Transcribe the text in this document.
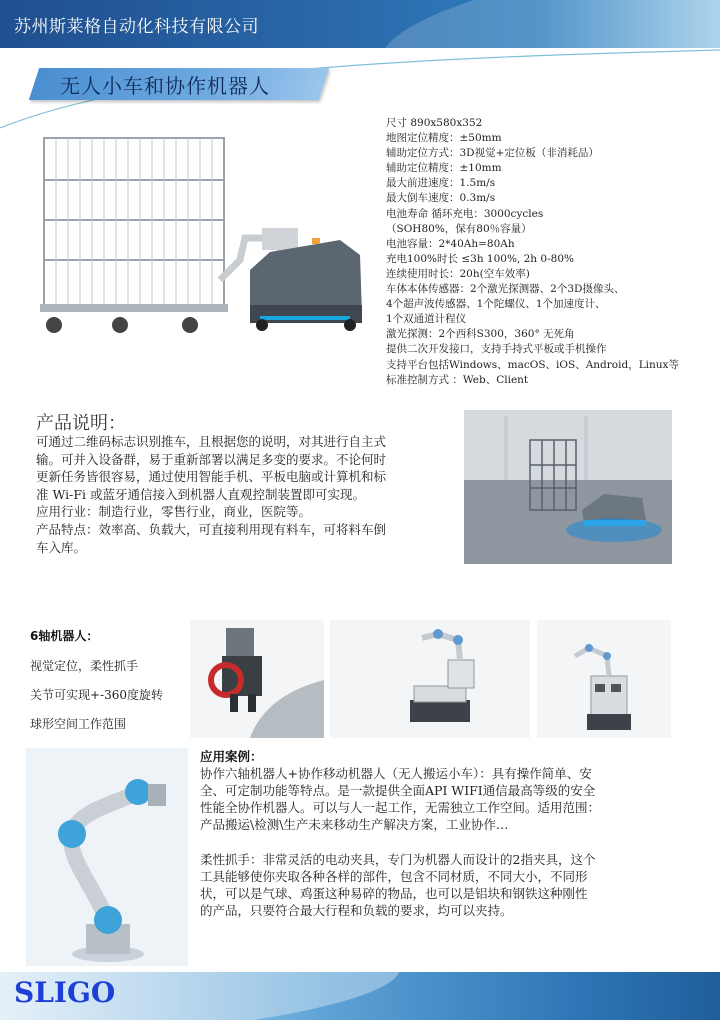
苏州斯莱格自动化科技有限公司
无人小车和协作机器人
尺寸 890x580x352
地图定位精度：±50mm
辅助定位方式：3D视觉+定位板（非消耗品）
辅助定位精度：±10mm
最大前进速度：1.5m/s
最大倒车速度：0.3m/s
电池寿命 循环充电：3000cycles
（SOH80%，保有80％容量）
电池容量：2*40Ah=80Ah
充电100%时长 ≤3h 100%, 2h 0-80%
连续使用时长：20h(空车效率)
车体本体传感器：2个激光探测器、2个3D摄像头、
4个超声波传感器、1个陀螺仪、1个加速度计、
1个双通道计程仪
激光探测：2个西科S300，360° 无死角
提供二次开发接口，支持手持式平板或手机操作
支持平台包括Windows、macOS、iOS、Android，Linux等
标准控制方式 ：Web、Client
产品说明：
可通过二维码标志识别推车，且根据您的说明，对其进行自主式
输。可并入设备群，易于重新部署以满足多变的要求。不论何时
更新任务皆很容易，通过使用智能手机、平板电脑或计算机和标
准 Wi-Fi 或蓝牙通信接入到机器人直观控制装置即可实现。
应用行业：制造行业，零售行业，商业，医院等。
产品特点：效率高、负载大，可直接利用现有料车，可将料车倒
车入库。
6轴机器人：
视觉定位，柔性抓手
关节可实现+-360度旋转
球形空间工作范围
应用案例：
协作六轴机器人+协作移动机器人（无人搬运小车）：具有操作简单、安
全、可定制功能等特点。是一款提供全面API WIFI通信最高等级的安全
性能全协作机器人。可以与人一起工作，无需独立工作空间。适用范围：
产品搬运\检测\生产未来移动生产解决方案，工业协作…
柔性抓手：非常灵活的电动夹具，专门为机器人而设计的2指夹具，这个
工具能够使你夹取各种各样的部件，包含不同材质，不同大小，不同形
状，可以是气球、鸡蛋这种易碎的物品，也可以是铝块和钢铁这种刚性
的产品，只要符合最大行程和负载的要求，均可以夹持。
SLIGO
